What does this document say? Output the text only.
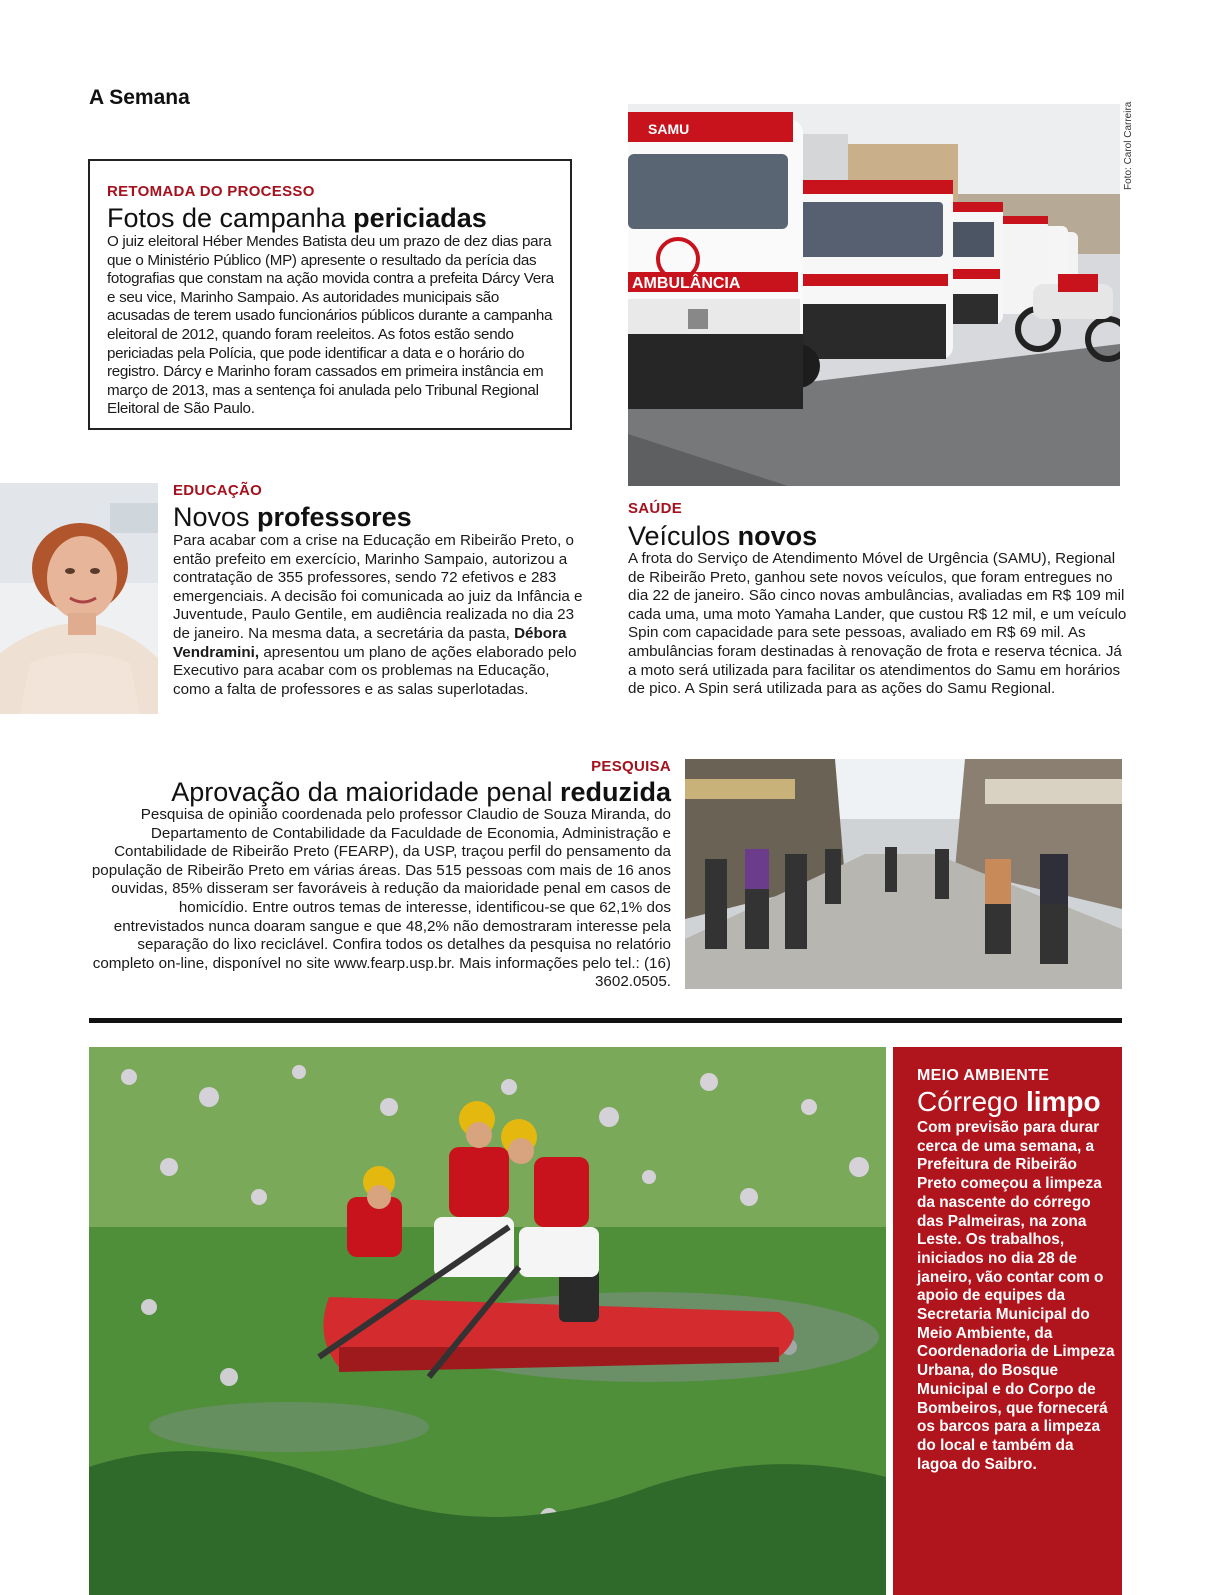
A Semana
RETOMADA DO PROCESSO
Fotos de campanha periciadas
O juiz eleitoral Héber Mendes Batista deu um prazo de dez dias para que o Ministério Público (MP) apresente o resultado da perícia das fotografias que constam na ação movida contra a prefeita Dárcy Vera e seu vice, Marinho Sampaio. As autoridades municipais são acusadas de terem usado funcionários públicos durante a campanha eleitoral de 2012, quando foram reeleitos. As fotos estão sendo periciadas pela Polícia, que pode identificar a data e o horário do registro. Dárcy e Marinho foram cassados em primeira instância em março de 2013, mas a sentença foi anulada pelo Tribunal Regional Eleitoral de São Paulo.
SAMU
AMBULÂNCIA
Foto: Carol Carreira
EDUCAÇÃO
Novos professores
Para acabar com a crise na Educação em Ribeirão Preto, o então prefeito em exercício, Marinho Sampaio, autorizou a contratação de 355 professores, sendo 72 efetivos e 283 emergenciais. A decisão foi comunicada ao juiz da Infância e Juventude, Paulo Gentile, em audiência realizada no dia 23 de janeiro. Na mesma data, a secretária da pasta, Débora Vendramini, apresentou um plano de ações elaborado pelo Executivo para acabar com os problemas na Educação, como a falta de professores e as salas superlotadas.
SAÚDE
Veículos novos
A frota do Serviço de Atendimento Móvel de Urgência (SAMU), Regional de Ribeirão Preto, ganhou sete novos veículos, que foram entregues no dia 22 de janeiro. São cinco novas ambulâncias, avaliadas em R$ 109 mil cada uma, uma moto Yamaha Lander, que custou R$ 12 mil, e um veículo Spin com capacidade para sete pessoas, avaliado em R$ 69 mil. As ambulâncias foram destinadas à renovação de frota e reserva técnica. Já a moto será utilizada para facilitar os atendimentos do Samu em horários de pico. A Spin será utilizada para as ações do Samu Regional.
PESQUISA
Aprovação da maioridade penal reduzida
Pesquisa de opinião coordenada pelo professor Claudio de Souza Miranda, do Departamento de Contabilidade da Faculdade de Economia, Administração e Contabilidade de Ribeirão Preto (FEARP), da USP, traçou perfil do pensamento da população de Ribeirão Preto em várias áreas. Das 515 pessoas com mais de 16 anos ouvidas, 85% disseram ser favoráveis à redução da maioridade penal em casos de homicídio. Entre outros temas de interesse, identificou-se que 62,1% dos entrevistados nunca doaram sangue e que 48,2% não demostraram interesse pela separação do lixo reciclável. Confira todos os detalhes da pesquisa no relatório completo on-line, disponível no site www.fearp.usp.br. Mais informações pelo tel.: (16) 3602.0505.
MEIO AMBIENTE
Córrego limpo
Com previsão para durar cerca de uma semana, a Prefeitura de Ribeirão Preto começou a limpeza da nascente do córrego das Palmeiras, na zona Leste. Os trabalhos, iniciados no dia 28 de janeiro, vão contar com o apoio de equipes da Secretaria Municipal do Meio Ambiente, da Coordenadoria de Limpeza Urbana, do Bosque Municipal e do Corpo de Bombeiros, que fornecerá os barcos para a limpeza do local e também da lagoa do Saibro.
